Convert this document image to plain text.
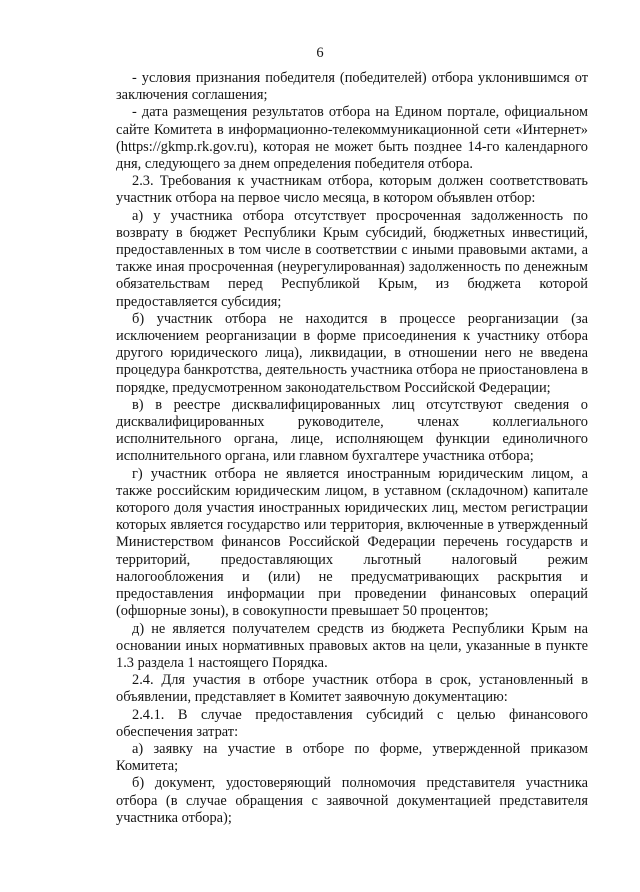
6

- условия признания победителя (победителей) отбора уклонившимся от заключения соглашения;

- дата размещения результатов отбора на Едином портале, официальном сайте Комитета в информационно-телекоммуникационной сети «Интернет» (https://gkmp.rk.gov.ru), которая не может быть позднее 14-го календарного дня, следующего за днем определения победителя отбора.

2.3. Требования к участникам отбора, которым должен соответствовать участник отбора на первое число месяца, в котором объявлен отбор:

а) у участника отбора отсутствует просроченная задолженность по возврату в бюджет Республики Крым субсидий, бюджетных инвестиций, предоставленных в том числе в соответствии с иными правовыми актами, а также иная просроченная (неурегулированная) задолженность по денежным обязательствам перед Республикой Крым, из бюджета которой предоставляется субсидия;

б) участник отбора не находится в процессе реорганизации (за исключением реорганизации в форме присоединения к участнику отбора другого юридического лица), ликвидации, в отношении него не введена процедура банкротства, деятельность участника отбора не приостановлена в порядке, предусмотренном законодательством Российской Федерации;

в) в реестре дисквалифицированных лиц отсутствуют сведения о дисквалифицированных руководителе, членах коллегиального исполнительного органа, лице, исполняющем функции единоличного исполнительного органа, или главном бухгалтере участника отбора;

г) участник отбора не является иностранным юридическим лицом, а также российским юридическим лицом, в уставном (складочном) капитале которого доля участия иностранных юридических лиц, местом регистрации которых является государство или территория, включенные в утвержденный Министерством финансов Российской Федерации перечень государств и территорий, предоставляющих льготный налоговый режим налогообложения и (или) не предусматривающих раскрытия и предоставления информации при проведении финансовых операций (офшорные зоны), в совокупности превышает 50 процентов;

д) не является получателем средств из бюджета Республики Крым на основании иных нормативных правовых актов на цели, указанные в пункте 1.3 раздела 1 настоящего Порядка.

2.4. Для участия в отборе участник отбора в срок, установленный в объявлении, представляет в Комитет заявочную документацию:

2.4.1. В случае предоставления субсидий с целью финансового обеспечения затрат:

а) заявку на участие в отборе по форме, утвержденной приказом Комитета;

б) документ, удостоверяющий полномочия представителя участника отбора (в случае обращения с заявочной документацией представителя участника отбора);
